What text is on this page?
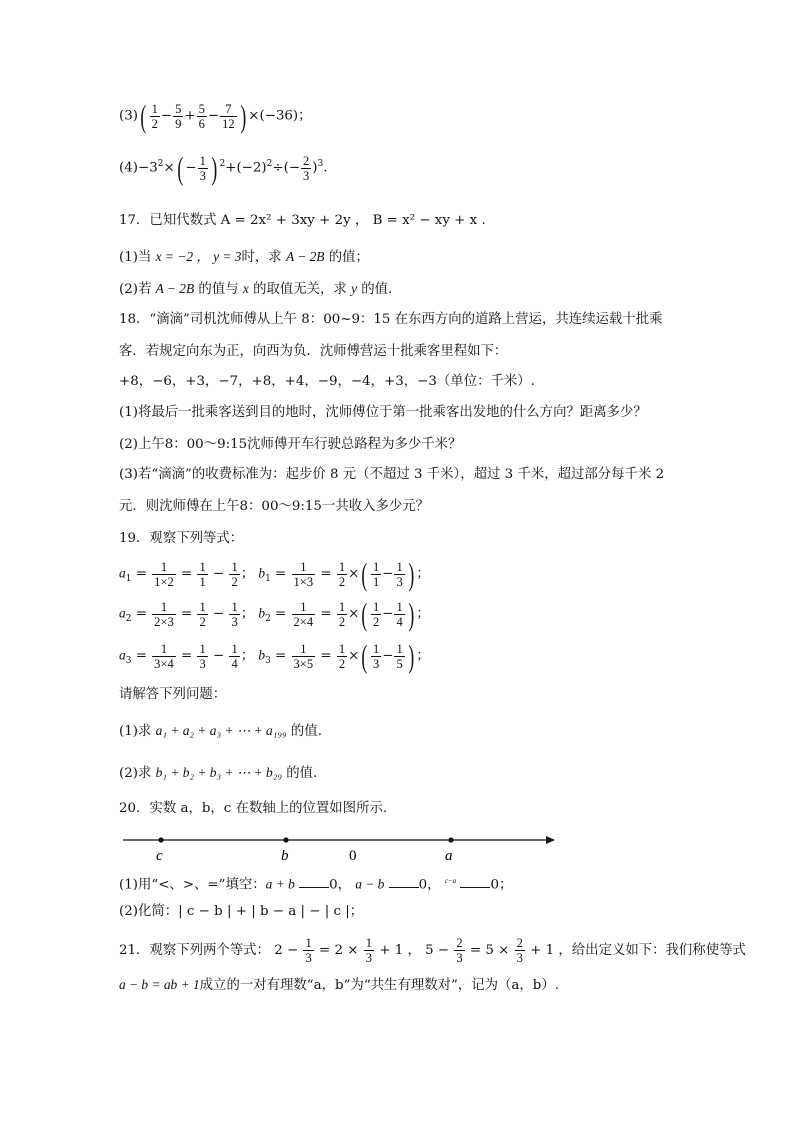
$(3)( \frac{1}{2} - \frac{5}{9} + \frac{5}{6} - \frac{7}{12}$ ) ×(−36)；
$(4)-3^2\times( - \frac{1}{3}$ ) $^2+(-2)^2\div(- \frac{2}{3} )^3$.
17．已知代数式 A = 2x² + 3xy + 2y ， B = x² − xy + x .
(1)当 x = −2 ， y = 3时，求 A − 2B 的值；
(2)若 A − 2B 的值与 x 的取值无关，求 y 的值.
18．“滴滴”司机沈师傅从上午 8：00~9：15 在东西方向的道路上营运，共连续运载十批乘
客．若规定向东为正，向西为负．沈师傅营运十批乘客里程如下：
+8，−6，+3，−7，+8，+4，−9，−4，+3，−3（单位：千米）.
(1)将最后一批乘客送到目的地时，沈师傅位于第一批乘客出发地的什么方向？距离多少？
(2)上午8：00～9:15沈师傅开车行驶总路程为多少千米？
(3)若“滴滴”的收费标准为：起步价 8 元（不超过 3 千米），超过 3 千米，超过部分每千米 2
元．则沈师傅在上午8：00～9:15一共收入多少元？
19．观察下列等式：
$a_1 = \frac{1}{1\times 2} = \frac{1}{1} - \frac{1}{2}$ ； $b_1 = \frac{1}{1\times 3} = \frac{1}{2}$ ×( $\frac{1}{1} - \frac{1}{3}$ ) ；
$a_2 = \frac{1}{2\times 3} = \frac{1}{2} - \frac{1}{3}$ ； $b_2 = \frac{1}{2\times 4} = \frac{1}{2}$ ×( $\frac{1}{2} - \frac{1}{4}$ ) ；
$a_3 = \frac{1}{3\times 4} = \frac{1}{3} - \frac{1}{4}$ ； $b_3 = \frac{1}{3\times 5} = \frac{1}{2}$ ×( $\frac{1}{3} - \frac{1}{5}$ ) ；
请解答下列问题：
(1)求 a₁ + a₂ + a₃ + ⋯ + a₁₉₉ 的值.
(2)求 b₁ + b₂ + b₃ + ⋯ + b₂₉ 的值.
20．实数 a，b，c 在数轴上的位置如图所示.
c	b	0	a
(1)用“<、>、=”填空：a + b	0， a − b	0， $^{c-a}$	0；
(2)化简：| c − b | + | b − a | − | c |；
21．观察下列两个等式： $2 - \frac{1}{3} = 2 \times \frac{1}{3} + 1$ ， $5 - \frac{2}{3} = 5 \times \frac{2}{3} + 1$ ，给出定义如下：我们称使等式
a − b = ab + 1成立的一对有理数“a，b”为“共生有理数对”，记为（a，b）.
